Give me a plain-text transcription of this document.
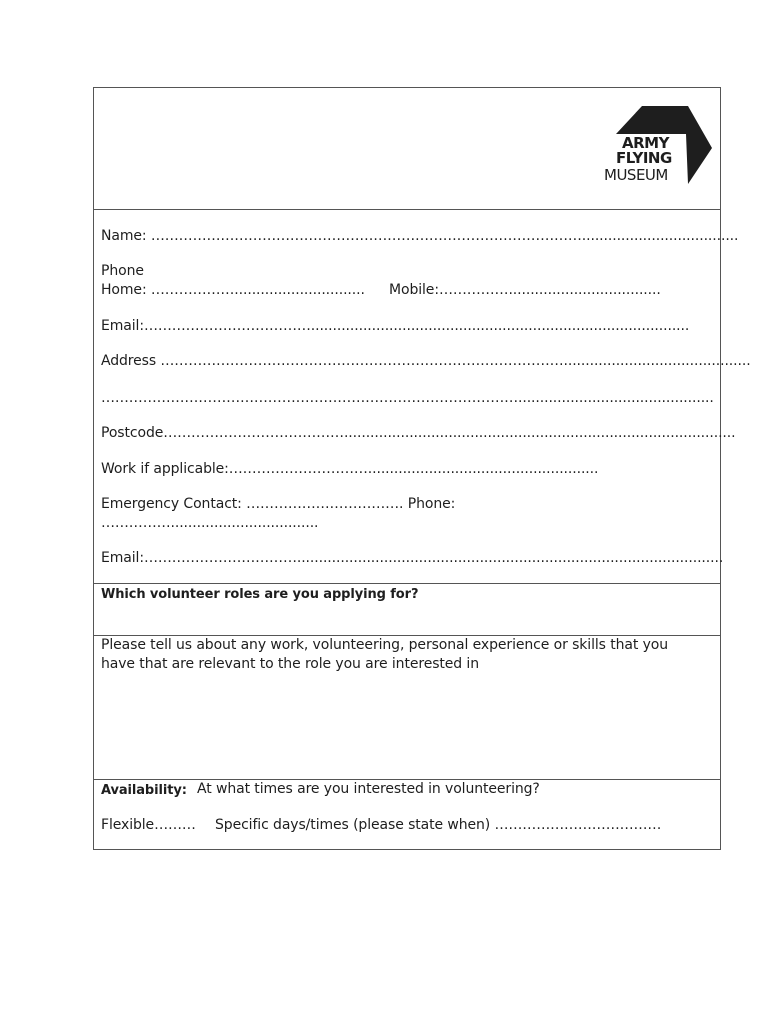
ARMY
FLYING
MUSEUM
Name: …………………………………………………………………………………....................................
Phone
Home: ……………….............................. Mobile:……………...................................
Email:……………………………….......................................................................................
Address ……………………………………………………………………………...........................................
……………………………………………………………………………….............................................
Postcode…………………………………..........................................................................................
Work if applicable:………………………….....................................................
Emergency Contact: ……………………………. Phone:
……………..................................
Email:……………………………..................................................................................................
Which volunteer roles are you applying for?
Please tell us about any work, volunteering, personal experience or skills that you
have that are relevant to the role you are interested in
Availability: At what times are you interested in volunteering?
Flexible……… Specific days/times (please state when) ………………………………
